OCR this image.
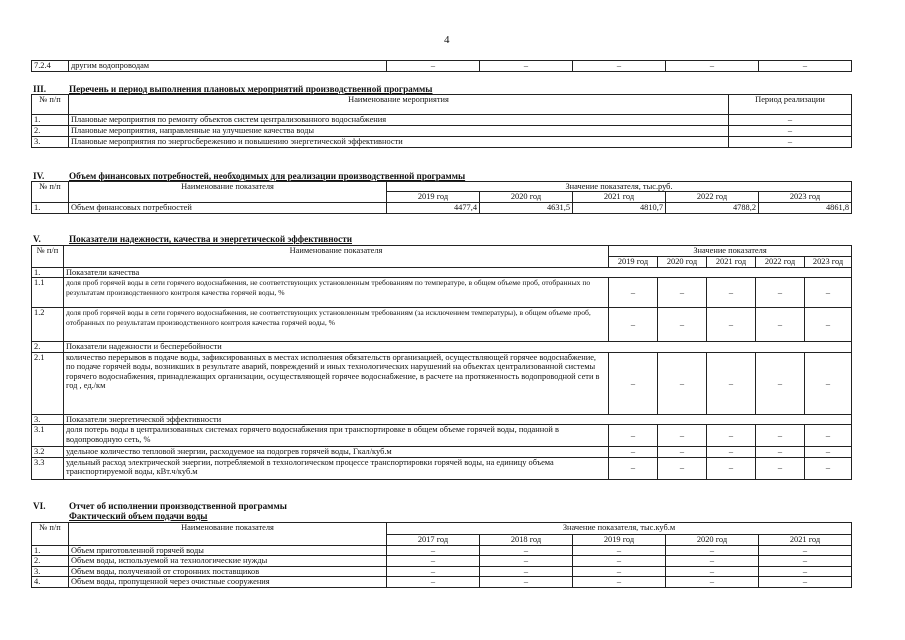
4
7.2.4	другим водопроводам	–	–	–	–	–
III. Перечень и период выполнения плановых мероприятий производственной программы
№ п/п	Наименование мероприятия	Период реализации
1.	Плановые мероприятия по ремонту объектов систем централизованного водоснабжения	–
2.	Плановые мероприятия, направленные на улучшение качества воды	–
3.	Плановые мероприятия по энергосбережению и повышению энергетической эффективности	–
IV.	Объем финансовых потребностей, необходимых для реализации производственной программы
№ п/п	Наименование показателя	Значение показателя, тыс.руб.				
		2019 год	2020 год	2021 год	2022 год	2023 год
1.	Объем финансовых потребностей	4477,4	4631,5	4810,7	4788,2	4861,8
V.	Показатели надежности, качества и энергетической эффективности
№ п/п	Наименование показателя	Значение показателя				
		2019 год	2020 год	2021 год	2022 год	2023 год
1.	Показатели качества					
1.1	доля проб горячей воды в сети горячего водоснабжения, не соответствующих установленным требованиям по температуре, в общем объеме проб, отобранных по результатам производственного контроля качества горячей воды, %	–	–	–	–	–
1.2	доля проб горячей воды в сети горячего водоснабжения, не соответствующих установленным требованиям (за исключением температуры), в общем объеме проб, отобранных по результатам производственного контроля качества горячей воды, %	–	–	–	–	–
2.	Показатели надежности и бесперебойности					
2.1	количество перерывов в подаче воды, зафиксированных в местах исполнения обязательств организацией, осуществляющей горячее водоснабжение, по подаче горячей воды, возникших в результате аварий, повреждений и иных технологических нарушений на объектах централизованной системы горячего водоснабжения, принадлежащих организации, осуществляющей горячее водоснабжение, в расчете на протяженность водопроводной сети в год , ед./км	–	–	–	–	–
3.	Показатели энергетической эффективности					
3.1	доля потерь воды в централизованных системах горячего водоснабжения при транспортировке в общем объеме горячей воды, поданной в водопроводную сеть, %	–	–	–	–	–
3.2	удельное количество тепловой энергии, расходуемое на подогрев горячей воды, Гкал/куб.м	–	–	–	–	–
3.3	удельный расход электрической энергии, потребляемой в технологическом процессе транспортировки горячей воды, на единицу объема транспортируемой воды, кВт.ч/куб.м	–	–	–	–	–
VI.	Отчет об исполнении производственной программы
Фактический объем подачи воды
№ п/п	Наименование показателя	Значение показателя, тыс.куб.м				
		2017 год	2018 год	2019 год	2020 год	2021 год
1.	Объем приготовленной горячей воды	–	–	–	–	–
2.	Объем воды, используемой на технологические нужды	–	–	–	–	–
3.	Объем воды, полученной от сторонних поставщиков	–	–	–	–	–
4.	Объем воды, пропущенной через очистные сооружения	–	–	–	–	–
